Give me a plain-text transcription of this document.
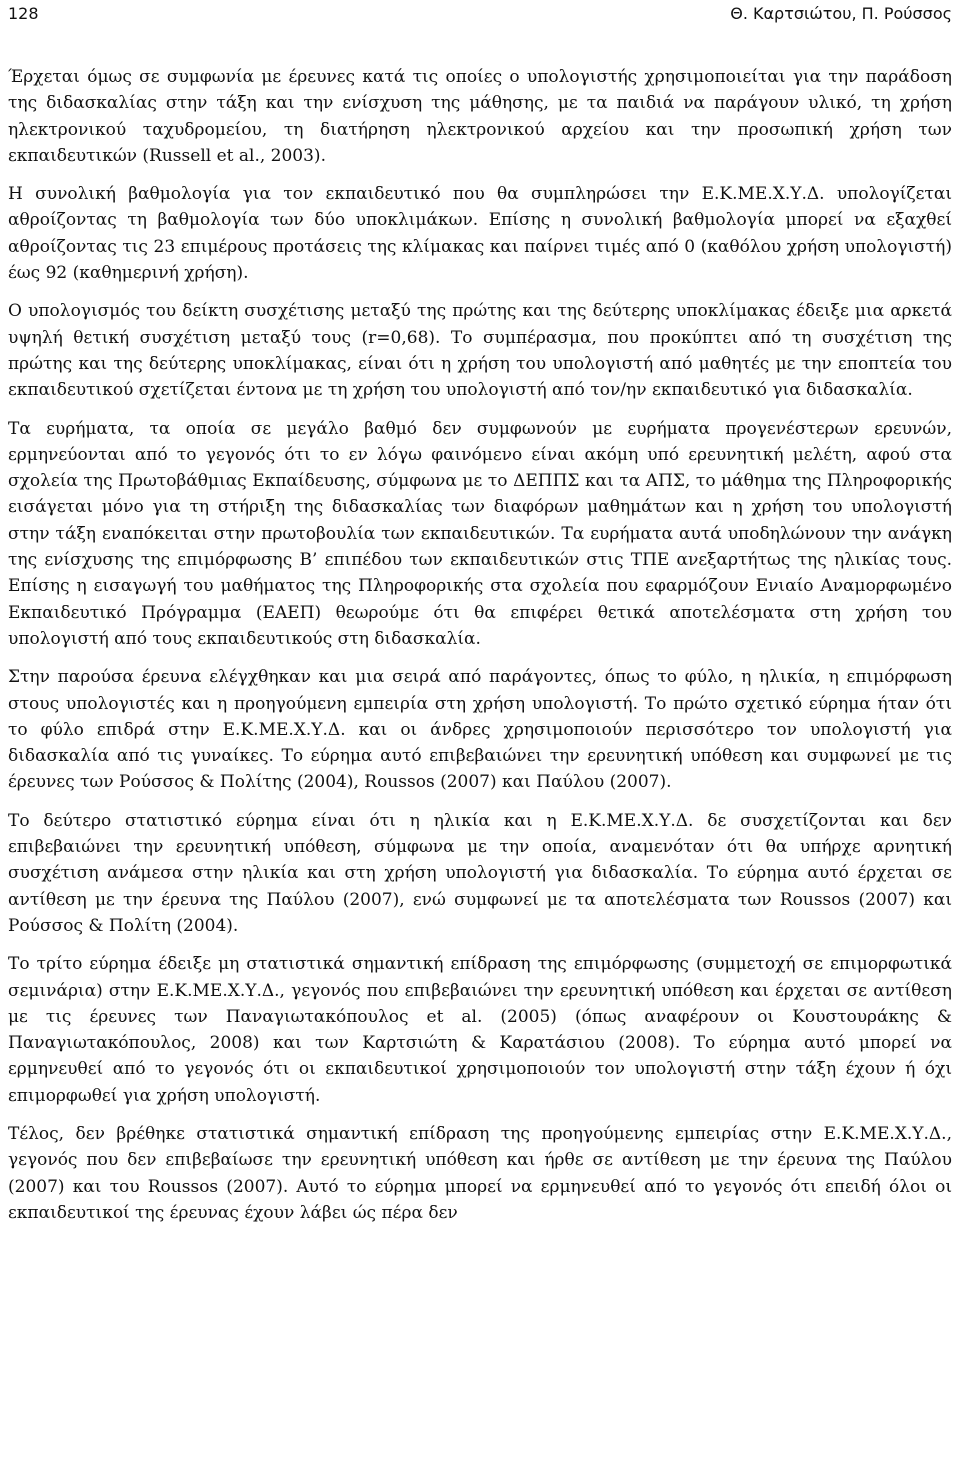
128	Θ. Καρτσιώτου, Π. Ρούσσος

Έρχεται όμως σε συμφωνία με έρευνες κατά τις οποίες ο υπολογιστής χρησιμοποιείται για την παράδοση της διδασκαλίας στην τάξη και την ενίσχυση της μάθησης, με τα παιδιά να παράγουν υλικό, τη χρήση ηλεκτρονικού ταχυδρομείου, τη διατήρηση ηλεκτρονικού αρχείου και την προσωπική χρήση των εκπαιδευτικών (Russell et al., 2003).

Η συνολική βαθμολογία για τον εκπαιδευτικό που θα συμπληρώσει την Ε.Κ.ΜΕ.Χ.Υ.Δ. υπολογίζεται αθροίζοντας τη βαθμολογία των δύο υποκλιμάκων. Επίσης η συνολική βαθμολογία μπορεί να εξαχθεί αθροίζοντας τις 23 επιμέρους προτάσεις της κλίμακας και παίρνει τιμές από 0 (καθόλου χρήση υπολογιστή) έως 92 (καθημερινή χρήση).

Ο υπολογισμός του δείκτη συσχέτισης μεταξύ της πρώτης και της δεύτερης υποκλίμακας έδειξε μια αρκετά υψηλή θετική συσχέτιση μεταξύ τους (r=0,68). Το συμπέρασμα, που προκύπτει από τη συσχέτιση της πρώτης και της δεύτερης υποκλίμακας, είναι ότι η χρήση του υπολογιστή από μαθητές με την εποπτεία του εκπαιδευτικού σχετίζεται έντονα με τη χρήση του υπολογιστή από τον/ην εκπαιδευτικό για διδασκαλία.

Τα ευρήματα, τα οποία σε μεγάλο βαθμό δεν συμφωνούν με ευρήματα προγενέστερων ερευνών, ερμηνεύονται από το γεγονός ότι το εν λόγω φαινόμενο είναι ακόμη υπό ερευνητική μελέτη, αφού στα σχολεία της Πρωτοβάθμιας Εκπαίδευσης, σύμφωνα με το ΔΕΠΠΣ και τα ΑΠΣ, το μάθημα της Πληροφορικής εισάγεται μόνο για τη στήριξη της διδασκαλίας των διαφόρων μαθημάτων και η χρήση του υπολογιστή στην τάξη εναπόκειται στην πρωτοβουλία των εκπαιδευτικών. Τα ευρήματα αυτά υποδηλώνουν την ανάγκη της ενίσχυσης της επιμόρφωσης Β’ επιπέδου των εκπαιδευτικών στις ΤΠΕ ανεξαρτήτως της ηλικίας τους. Επίσης η εισαγωγή του μαθήματος της Πληροφορικής στα σχολεία που εφαρμόζουν Ενιαίο Αναμορφωμένο Εκπαιδευτικό Πρόγραμμα (ΕΑΕΠ) θεωρούμε ότι θα επιφέρει θετικά αποτελέσματα στη χρήση του υπολογιστή από τους εκπαιδευτικούς στη διδασκαλία.

Στην παρούσα έρευνα ελέγχθηκαν και μια σειρά από παράγοντες, όπως το φύλο, η ηλικία, η επιμόρφωση στους υπολογιστές και η προηγούμενη εμπειρία στη χρήση υπολογιστή. Το πρώτο σχετικό εύρημα ήταν ότι το φύλο επιδρά στην Ε.Κ.ΜΕ.Χ.Υ.Δ. και οι άνδρες χρησιμοποιούν περισσότερο τον υπολογιστή για διδασκαλία από τις γυναίκες. Το εύρημα αυτό επιβεβαιώνει την ερευνητική υπόθεση και συμφωνεί με τις έρευνες των Ρούσσος & Πολίτης (2004), Roussos (2007) και Παύλου (2007).

Το δεύτερο στατιστικό εύρημα είναι ότι η ηλικία και η Ε.Κ.ΜΕ.Χ.Υ.Δ. δε συσχετίζονται και δεν επιβεβαιώνει την ερευνητική υπόθεση, σύμφωνα με την οποία, αναμενόταν ότι θα υπήρχε αρνητική συσχέτιση ανάμεσα στην ηλικία και στη χρήση υπολογιστή για διδασκαλία. Το εύρημα αυτό έρχεται σε αντίθεση με την έρευνα της Παύλου (2007), ενώ συμφωνεί με τα αποτελέσματα των Roussos (2007) και Ρούσσος & Πολίτη (2004).

Το τρίτο εύρημα έδειξε μη στατιστικά σημαντική επίδραση της επιμόρφωσης (συμμετοχή σε επιμορφωτικά σεμινάρια) στην Ε.Κ.ΜΕ.Χ.Υ.Δ., γεγονός που επιβεβαιώνει την ερευνητική υπόθεση και έρχεται σε αντίθεση με τις έρευνες των Παναγιωτακόπουλος et al. (2005) (όπως αναφέρουν οι Κουστουράκης & Παναγιωτακόπουλος, 2008) και των Καρτσιώτη & Καρατάσιου (2008). Το εύρημα αυτό μπορεί να ερμηνευθεί από το γεγονός ότι οι εκπαιδευτικοί χρησιμοποιούν τον υπολογιστή στην τάξη έχουν ή όχι επιμορφωθεί για χρήση υπολογιστή.

Τέλος, δεν βρέθηκε στατιστικά σημαντική επίδραση της προηγούμενης εμπειρίας στην Ε.Κ.ΜΕ.Χ.Υ.Δ., γεγονός που δεν επιβεβαίωσε την ερευνητική υπόθεση και ήρθε σε αντίθεση με την έρευνα της Παύλου (2007) και του Roussos (2007). Αυτό το εύρημα μπορεί να ερμηνευθεί από το γεγονός ότι επειδή όλοι οι εκπαιδευτικοί της έρευνας έχουν λάβει ώς πέρα δεν
